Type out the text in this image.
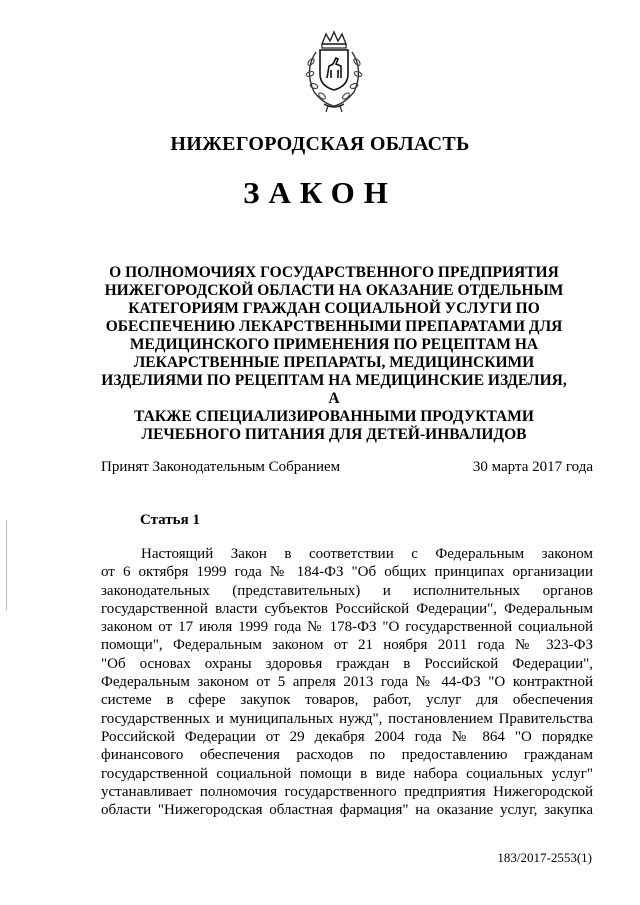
НИЖЕГОРОДСКАЯ ОБЛАСТЬ
ЗАКОН
О ПОЛНОМОЧИЯХ ГОСУДАРСТВЕННОГО ПРЕДПРИЯТИЯ
НИЖЕГОРОДСКОЙ ОБЛАСТИ НА ОКАЗАНИЕ ОТДЕЛЬНЫМ
КАТЕГОРИЯМ ГРАЖДАН СОЦИАЛЬНОЙ УСЛУГИ ПО
ОБЕСПЕЧЕНИЮ ЛЕКАРСТВЕННЫМИ ПРЕПАРАТАМИ ДЛЯ
МЕДИЦИНСКОГО ПРИМЕНЕНИЯ ПО РЕЦЕПТАМ НА
ЛЕКАРСТВЕННЫЕ ПРЕПАРАТЫ, МЕДИЦИНСКИМИ
ИЗДЕЛИЯМИ ПО РЕЦЕПТАМ НА МЕДИЦИНСКИЕ ИЗДЕЛИЯ, А
ТАКЖЕ СПЕЦИАЛИЗИРОВАННЫМИ ПРОДУКТАМИ
ЛЕЧЕБНОГО ПИТАНИЯ ДЛЯ ДЕТЕЙ-ИНВАЛИДОВ
Принят Законодательным Собранием	30 марта 2017 года
Статья 1
Настоящий Закон в соответствии с Федеральным законом
от 6 октября 1999 года № 184-ФЗ "Об общих принципах организации
законодательных (представительных) и исполнительных органов
государственной власти субъектов Российской Федерации", Федеральным
законом от 17 июля 1999 года № 178-ФЗ "О государственной социальной
помощи", Федеральным законом от 21 ноября 2011 года № 323-ФЗ
"Об основах охраны здоровья граждан в Российской Федерации",
Федеральным законом от 5 апреля 2013 года № 44-ФЗ "О контрактной
системе в сфере закупок товаров, работ, услуг для обеспечения
государственных и муниципальных нужд", постановлением Правительства
Российской Федерации от 29 декабря 2004 года № 864 "О порядке
финансового обеспечения расходов по предоставлению гражданам
государственной социальной помощи в виде набора социальных услуг"
устанавливает полномочия государственного предприятия Нижегородской
области "Нижегородская областная фармация" на оказание услуг, закупка
183/2017-2553(1)
